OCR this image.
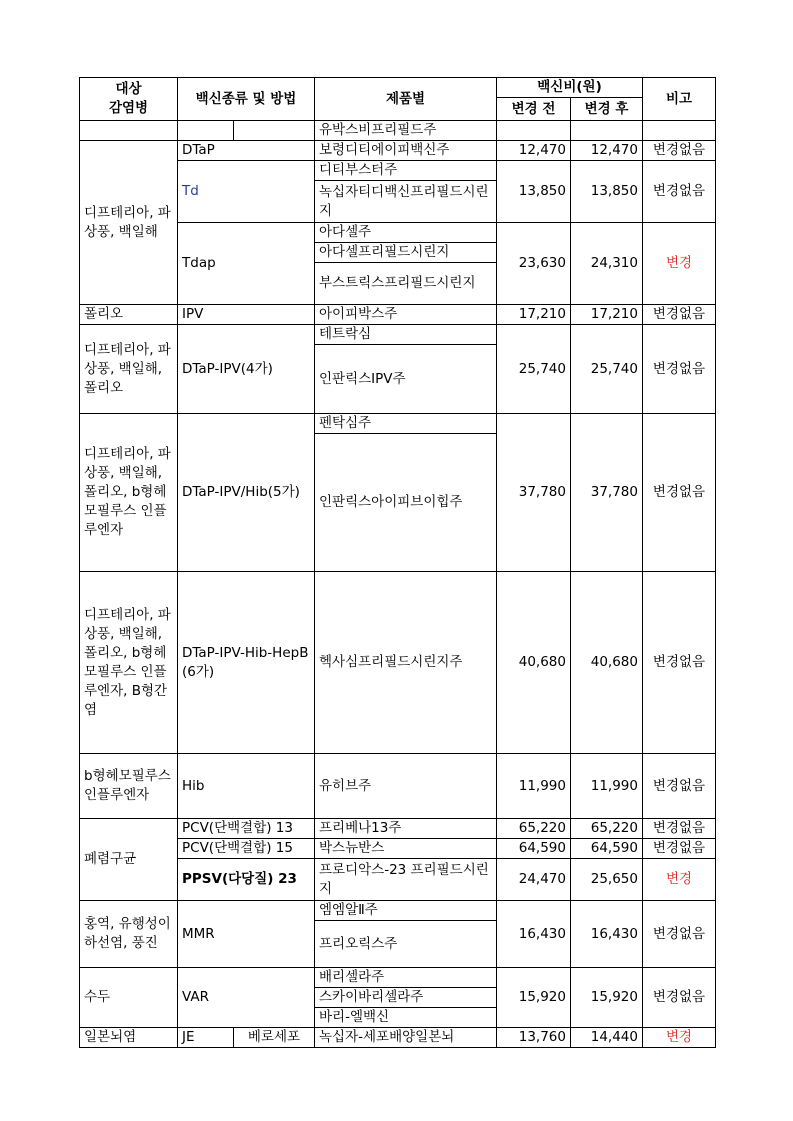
대상
감염병	백신종류 및 방법		제품별	백신비(원)		비고
				변경 전	변경 후	
			유박스비프리필드주			
디프테리아, 파상풍, 백일해	DTaP		보령디티에이피백신주	12,470	12,470	변경없음
	Td		디티부스터주	13,850	13,850	변경없음
			녹십자티디백신프리필드시린지			
	Tdap		아다셀주	23,630	24,310	변경
			아다셀프리필드시린지			
			부스트릭스프리필드시린지			
폴리오	IPV		아이피박스주	17,210	17,210	변경없음
디프테리아, 파상풍, 백일해, 폴리오	DTaP-IPV(4가)		테트락심	25,740	25,740	변경없음
			인판릭스IPV주			
디프테리아, 파상풍, 백일해, 폴리오, b형헤모필루스 인플루엔자	DTaP-IPV/Hib(5가)		펜탁심주	37,780	37,780	변경없음
			인판릭스아이피브이힙주			
디프테리아, 파상풍, 백일해, 폴리오, b형헤모필루스 인플루엔자, B형간염	DTaP-IPV-Hib-HepB (6가)		헥사심프리필드시린지주	40,680	40,680	변경없음
b형헤모필루스 인플루엔자	Hib		유히브주	11,990	11,990	변경없음
폐렴구균	PCV(단백결합) 13		프리베나13주	65,220	65,220	변경없음
	PCV(단백결합) 15		박스뉴반스	64,590	64,590	변경없음
	PPSV(다당질) 23		프로디악스-23 프리필드시린지	24,470	25,650	변경
홍역, 유행성이하선염, 풍진	MMR		엠엠알Ⅱ주	16,430	16,430	변경없음
			프리오릭스주			
수두	VAR		배리셀라주	15,920	15,920	변경없음
			스카이바리셀라주			
			바리-엘백신			
일본뇌염	JE	베로세포	녹십자-세포배양일본뇌	13,760	14,440	변경
